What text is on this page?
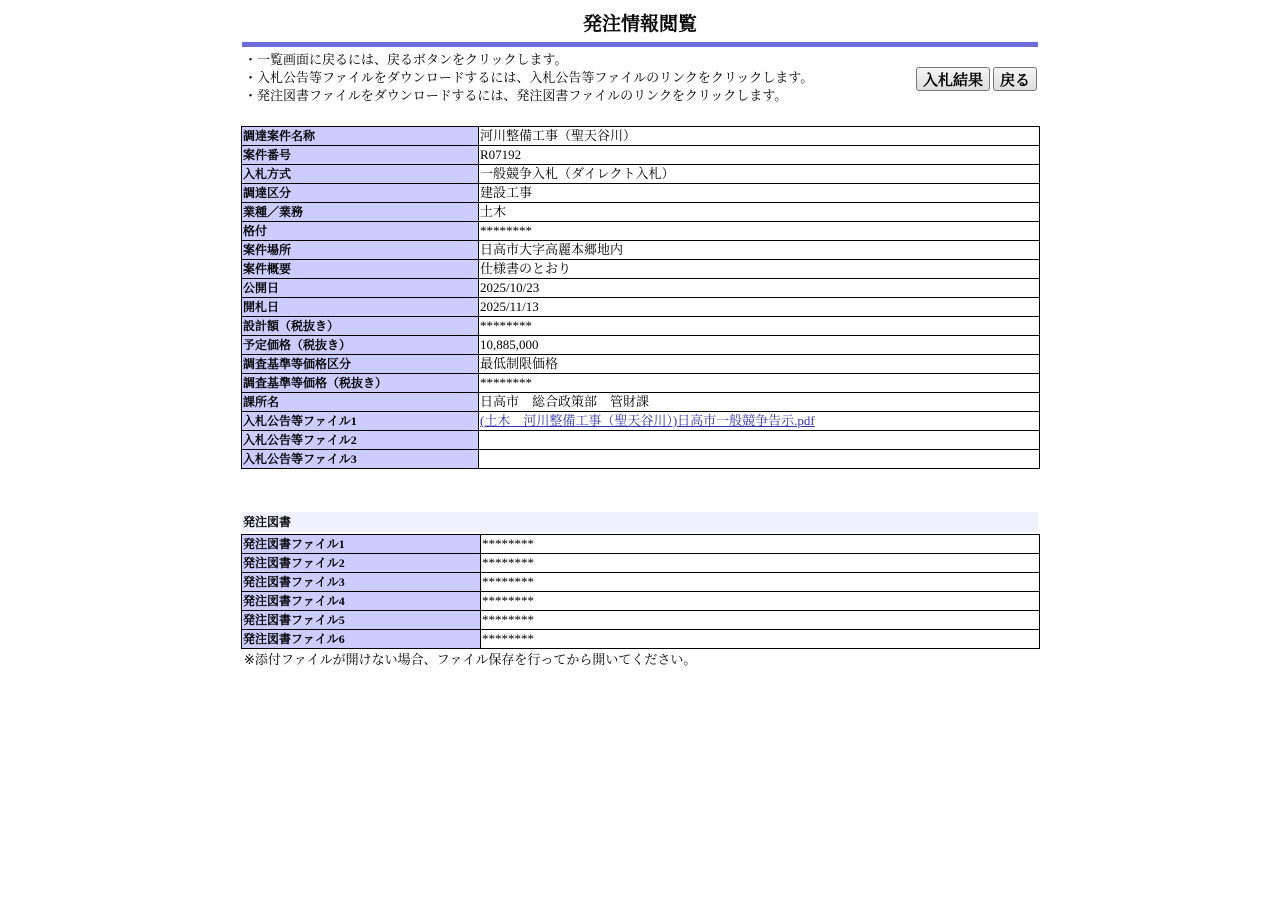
発注情報閲覧
・一覧画面に戻るには、戻るボタンをクリックします。
・入札公告等ファイルをダウンロードするには、入札公告等ファイルのリンクをクリックします。
・発注図書ファイルをダウンロードするには、発注図書ファイルのリンクをクリックします。
入札結果	戻る
調達案件名称	河川整備工事（聖天谷川）
案件番号	R07192
入札方式	一般競争入札（ダイレクト入札）
調達区分	建設工事
業種／業務	土木
格付	********
案件場所	日高市大字高麗本郷地内
案件概要	仕様書のとおり
公開日	2025/10/23
開札日	2025/11/13
設計額（税抜き）	********
予定価格（税抜き）	10,885,000
調査基準等価格区分	最低制限価格
調査基準等価格（税抜き）	********
課所名	日高市　総合政策部　管財課
入札公告等ファイル1	(土木　河川整備工事（聖天谷川）)日高市一般競争告示.pdf
入札公告等ファイル2	
入札公告等ファイル3	
発注図書
発注図書ファイル1	********
発注図書ファイル2	********
発注図書ファイル3	********
発注図書ファイル4	********
発注図書ファイル5	********
発注図書ファイル6	********
※添付ファイルが開けない場合、ファイル保存を行ってから開いてください。
